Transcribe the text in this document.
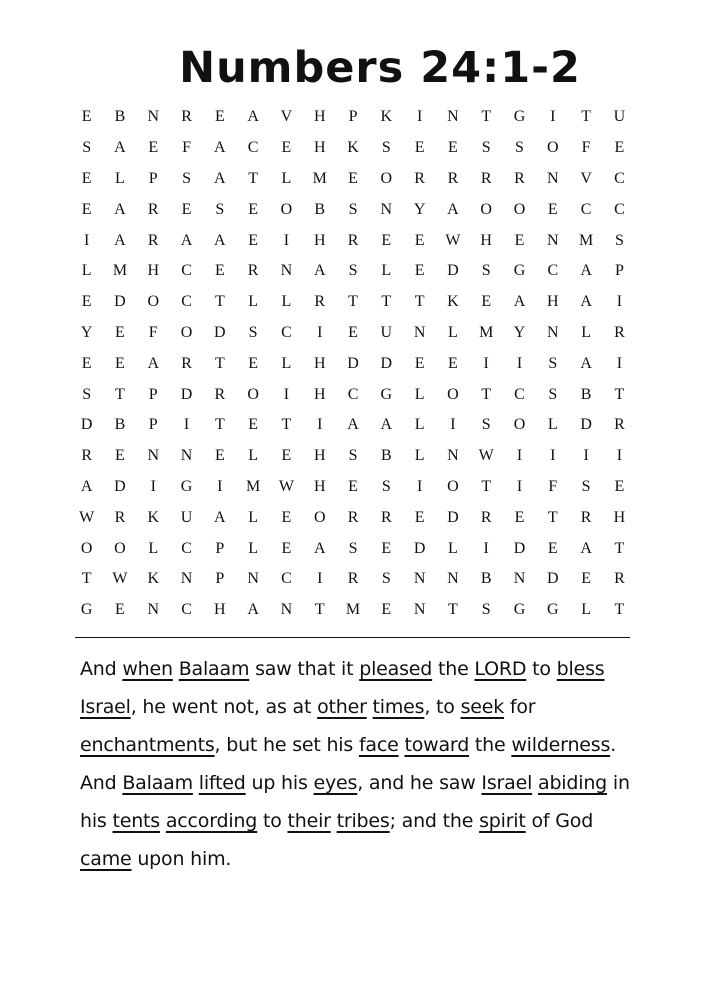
Numbers 24:1-2
E	B	N	R	E	A	V	H	P	K	I	N	T	G	I	T	U
S	A	E	F	A	C	E	H	K	S	E	E	S	S	O	F	E
E	L	P	S	A	T	L	M	E	O	R	R	R	R	N	V	C
E	A	R	E	S	E	O	B	S	N	Y	A	O	O	E	C	C
I	A	R	A	A	E	I	H	R	E	E	W	H	E	N	M	S
L	M	H	C	E	R	N	A	S	L	E	D	S	G	C	A	P
E	D	O	C	T	L	L	R	T	T	T	K	E	A	H	A	I
Y	E	F	O	D	S	C	I	E	U	N	L	M	Y	N	L	R
E	E	A	R	T	E	L	H	D	D	E	E	I	I	S	A	I
S	T	P	D	R	O	I	H	C	G	L	O	T	C	S	B	T
D	B	P	I	T	E	T	I	A	A	L	I	S	O	L	D	R
R	E	N	N	E	L	E	H	S	B	L	N	W	I	I	I	I
A	D	I	G	I	M	W	H	E	S	I	O	T	I	F	S	E
W	R	K	U	A	L	E	O	R	R	E	D	R	E	T	R	H
O	O	L	C	P	L	E	A	S	E	D	L	I	D	E	A	T
T	W	K	N	P	N	C	I	R	S	N	N	B	N	D	E	R
G	E	N	C	H	A	N	T	M	E	N	T	S	G	G	L	T

And when Balaam saw that it pleased the LORD to bless Israel, he went not, as at other times, to seek for enchantments, but he set his face toward the wilderness. And Balaam lifted up his eyes, and he saw Israel abiding in his tents according to their tribes; and the spirit of God came upon him.
